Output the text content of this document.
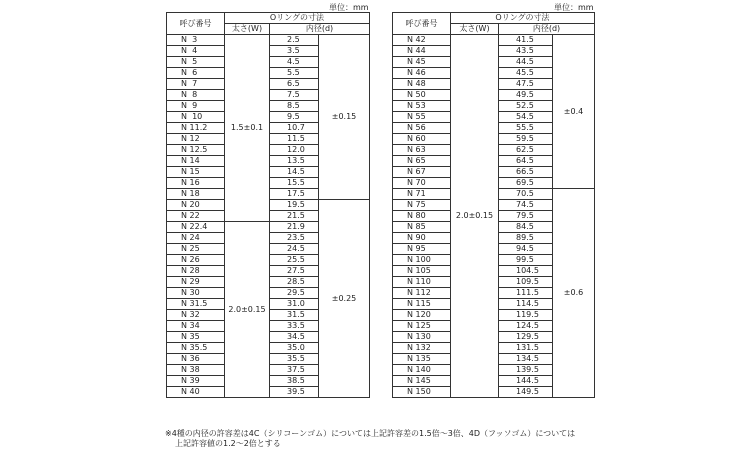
単位：mm	単位：mm
呼び番号	Oリングの寸法		
	太さ(W)	内径(d)	
N  3	1.5±0.1	2.5	±0.15
N  4		3.5	
N  5		4.5	
N  6		5.5	
N  7		6.5	
N  8		7.5	
N  9		8.5	
N  10		9.5	
N 11.2		10.7	
N 12		11.5	
N 12.5		12.0	
N 14		13.5	
N 15		14.5	
N 16		15.5	
N 18		17.5	
N 20		19.5	±0.25
N 22		21.5	
N 22.4	2.0±0.15	21.9	
N 24		23.5	
N 25		24.5	
N 26		25.5	
N 28		27.5	
N 29		28.5	
N 30		29.5	
N 31.5		31.0	
N 32		31.5	
N 34		33.5	
N 35		34.5	
N 35.5		35.0	
N 36		35.5	
N 38		37.5	
N 39		38.5	
N 40		39.5	
呼び番号	Oリングの寸法		
	太さ(W)	内径(d)	
N 42	2.0±0.15	41.5	±0.4
N 44		43.5	
N 45		44.5	
N 46		45.5	
N 48		47.5	
N 50		49.5	
N 53		52.5	
N 55		54.5	
N 56		55.5	
N 60		59.5	
N 63		62.5	
N 65		64.5	
N 67		66.5	
N 70		69.5	
N 71		70.5	±0.6
N 75		74.5	
N 80		79.5	
N 85		84.5	
N 90		89.5	
N 95		94.5	
N 100		99.5	
N 105		104.5	
N 110		109.5	
N 112		111.5	
N 115		114.5	
N 120		119.5	
N 125		124.5	
N 130		129.5	
N 132		131.5	
N 135		134.5	
N 140		139.5	
N 145		144.5	
N 150		149.5	
※4種の内径の許容差は4C（シリコーンゴム）については上記許容差の1.5倍～3倍、4D（フッソゴム）については
上記許容値の1.2～2倍とする
